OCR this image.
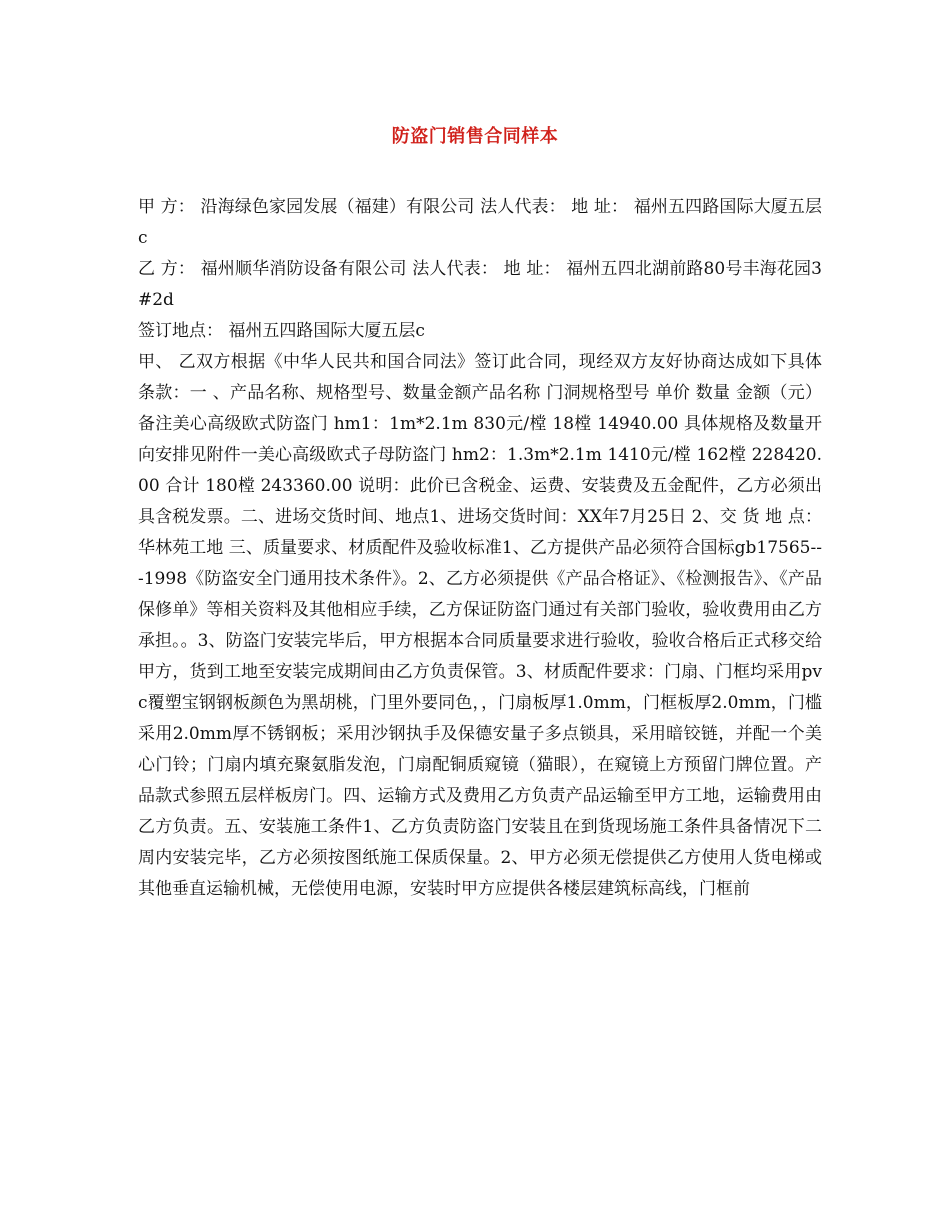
防盗门销售合同样本

甲 方： 沿海绿色家园发展（福建）有限公司 法人代表： 地 址： 福州五四路国际大厦五层c

乙 方： 福州顺华消防设备有限公司 法人代表： 地 址： 福州五四北湖前路80号丰海花园3#2d

签订地点： 福州五四路国际大厦五层c

甲、 乙双方根据《中华人民共和国合同法》签订此合同，现经双方友好协商达成如下具体条款：一 、产品名称、规格型号、数量金额产品名称 门洞规格型号 单价 数量 金额（元） 备注美心高级欧式防盗门 hm1：1m*2.1m 830元/樘 18樘 14940.00 具体规格及数量开向安排见附件一美心高级欧式子母防盗门 hm2：1.3m*2.1m 1410元/樘 162樘 228420.00 合计 180樘 243360.00 说明：此价已含税金、运费、安装费及五金配件，乙方必须出具含税发票。二、进场交货时间、地点1、进场交货时间：XX年7月25日 2、交 货 地 点： 华林苑工地 三、质量要求、材质配件及验收标准1、乙方提供产品必须符合国标gb17565---1998《防盗安全门通用技术条件》。2、乙方必须提供《产品合格证》、《检测报告》、《产品保修单》等相关资料及其他相应手续，乙方保证防盗门通过有关部门验收，验收费用由乙方承担。。3、防盗门安装完毕后，甲方根据本合同质量要求进行验收，验收合格后正式移交给甲方，货到工地至安装完成期间由乙方负责保管。3、材质配件要求：门扇、门框均采用pvc覆塑宝钢钢板颜色为黑胡桃，门里外要同色，，门扇板厚1.0mm，门框板厚2.0mm，门槛采用2.0mm厚不锈钢板；采用沙钢执手及保德安量子多点锁具，采用暗铰链，并配一个美心门铃；门扇内填充聚氨脂发泡，门扇配铜质窥镜（猫眼），在窥镜上方预留门牌位置。产品款式参照五层样板房门。四、运输方式及费用乙方负责产品运输至甲方工地，运输费用由乙方负责。五、安装施工条件1、乙方负责防盗门安装且在到货现场施工条件具备情况下二周内安装完毕，乙方必须按图纸施工保质保量。2、甲方必须无偿提供乙方使用人货电梯或其他垂直运输机械，无偿使用电源，安装时甲方应提供各楼层建筑标高线，门框前
